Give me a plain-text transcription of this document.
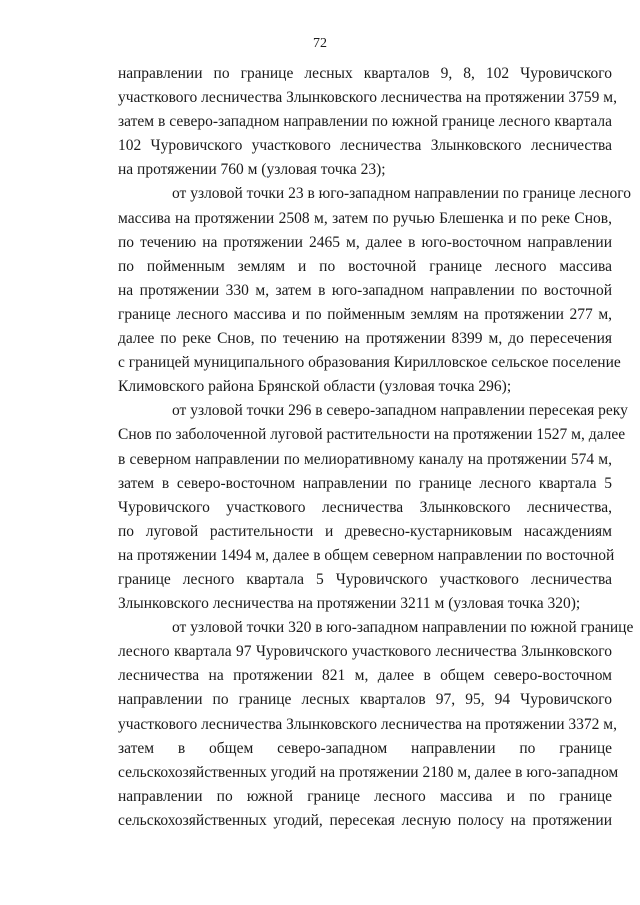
72
направлении по границе лесных кварталов 9, 8, 102 Чуровичского
участкового лесничества Злынковского лесничества на протяжении 3759 м,
затем в северо-западном направлении по южной границе лесного квартала
102 Чуровичского участкового лесничества Злынковского лесничества
на протяжении 760 м (узловая точка 23);
от узловой точки 23 в юго-западном направлении по границе лесного
массива на протяжении 2508 м, затем по ручью Блешенка и по реке Снов,
по течению на протяжении 2465 м, далее в юго-восточном направлении
по пойменным землям и по восточной границе лесного массива
на протяжении 330 м, затем в юго-западном направлении по восточной
границе лесного массива и по пойменным землям на протяжении 277 м,
далее по реке Снов, по течению на протяжении 8399 м, до пересечения
с границей муниципального образования Кирилловское сельское поселение
Климовского района Брянской области (узловая точка 296);
от узловой точки 296 в северо-западном направлении пересекая реку
Снов по заболоченной луговой растительности на протяжении 1527 м, далее
в северном направлении по мелиоративному каналу на протяжении 574 м,
затем в северо-восточном направлении по границе лесного квартала 5
Чуровичского участкового лесничества Злынковского лесничества,
по луговой растительности и древесно-кустарниковым насаждениям
на протяжении 1494 м, далее в общем северном направлении по восточной
границе лесного квартала 5 Чуровичского участкового лесничества
Злынковского лесничества на протяжении 3211 м (узловая точка 320);
от узловой точки 320 в юго-западном направлении по южной границе
лесного квартала 97 Чуровичского участкового лесничества Злынковского
лесничества на протяжении 821 м, далее в общем северо-восточном
направлении по границе лесных кварталов 97, 95, 94 Чуровичского
участкового лесничества Злынковского лесничества на протяжении 3372 м,
затем в общем северо-западном направлении по границе
сельскохозяйственных угодий на протяжении 2180 м, далее в юго-западном
направлении по южной границе лесного массива и по границе
сельскохозяйственных угодий, пересекая лесную полосу на протяжении
